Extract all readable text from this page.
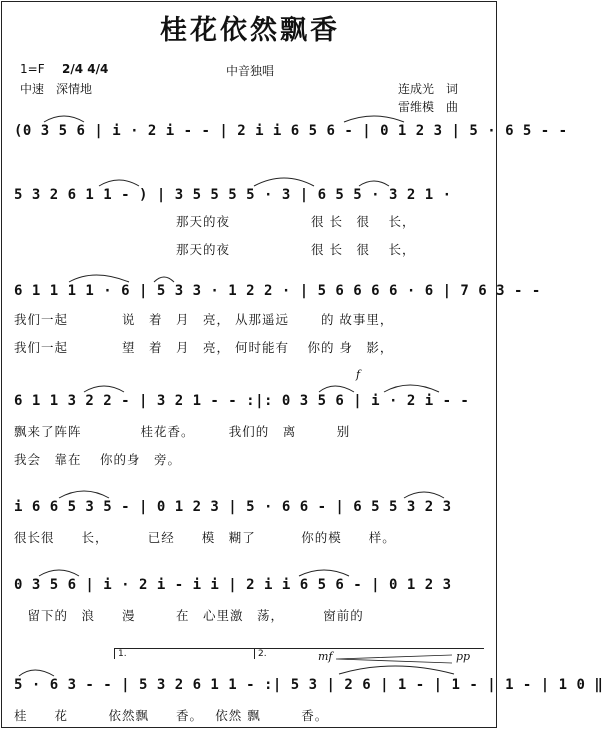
桂花依然飘香
1=F 2/4 4/4	中音独唱
中速　深情地	连成光　词
雷维模　曲
(0 3 5 6 | i · 2 i - - | 2 i i 6 5 6 - | 0 1 2 3 | 5 · 6 5 - -
5 3 2 6 1 1 - ) | 3 5 5 5 5 · 3 | 6 5 5 · 3 2 1 ·
　　　　　　　　　　　　那天的夜　　　　　　很 长　很　 长，
　　　　　　　　　　　　那天的夜　　　　　　很 长　很　 长，
6 1 1 1 1 · 6 | 5 3 3 · 1 2 2 · | 5 6 6 6 6 · 6 | 7 6 3 - -
我们一起　　　　说　着　月　亮， 从那遥远　　 的 故事里，
我们一起　　　　望　着　月　亮， 何时能有　 你的 身　影，
f
6 1 1 3 2 2 - | 3 2 1 - - :|: 0 3 5 6 | i · 2 i - -
飘来了阵阵　　　　 桂花香。　　　我们的　离　　　别
我会　靠在　 你的身　旁。
i 6 6 5 3 5 - | 0 1 2 3 | 5 · 6 6 - | 6 5 5 3 2 3
很长很　　长，　　　 已经　　模　糊了　　　 你的模　　样。
0 3 5 6 | i · 2 i - i i | 2 i i 6 5 6 - | 0 1 2 3
　留下的　浪　　漫　　　在　心里激　荡，　　　 窗前的
1.	2.	mf	pp
5 · 6 3 - - | 5 3 2 6 1 1 - :| 5 3 | 2 6 | 1 - | 1 - | 1 - | 1 0 ‖
桂　　花　　　依然飘　　香。　 依然 飘　　　香。
